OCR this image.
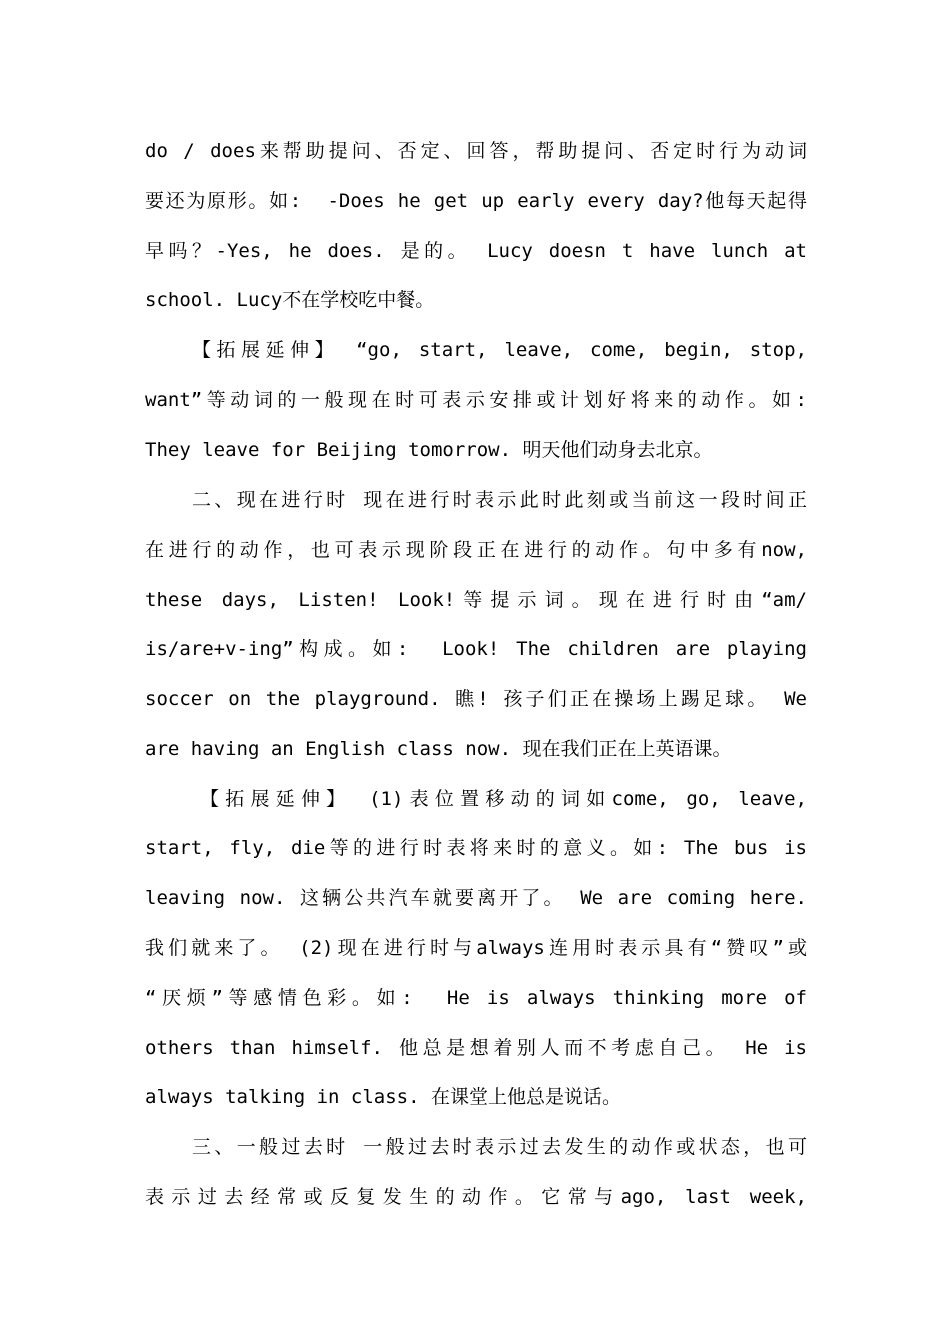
do / does来帮助提问、否定、回答，帮助提问、否定时行为动词
要还为原形。如:  -Does he get up early every day?他每天起得
早吗？-Yes, he does. 是的。 Lucy doesn t have lunch at
school. Lucy不在学校吃中餐。
【拓展延伸】 “go, start, leave, come, begin, stop,
want”等动词的一般现在时可表示安排或计划好将来的动作。如:
They leave for Beijing tomorrow. 明天他们动身去北京。
二、现在进行时 现在进行时表示此时此刻或当前这一段时间正
在进行的动作，也可表示现阶段正在进行的动作。句中多有now,
these days, Listen! Look!等提示词。现在进行时由“am/
is/are+v-ing”构成。如:  Look! The children are playing
soccer on the playground. 瞧! 孩子们正在操场上踢足球。 We
are having an English class now. 现在我们正在上英语课。
【拓展延伸】 (1)表位置移动的词如come, go, leave,
start, fly, die等的进行时表将来时的意义。如: The bus is
leaving now. 这辆公共汽车就要离开了。 We are coming here.
我们就来了。 (2)现在进行时与always连用时表示具有“赞叹”或
“厌烦”等感情色彩。如:  He is always thinking more of
others than himself. 他总是想着别人而不考虑自己。 He is
always talking in class. 在课堂上他总是说话。
三、一般过去时 一般过去时表示过去发生的动作或状态，也可
表示过去经常或反复发生的动作。它常与ago, last week,
